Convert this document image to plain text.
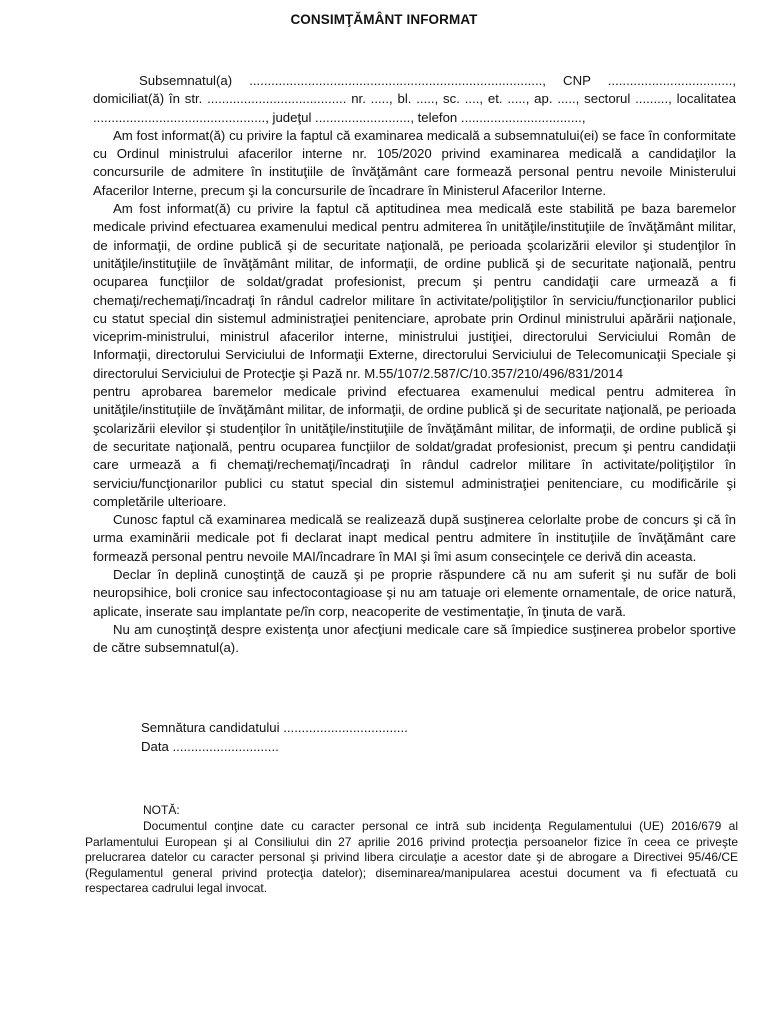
CONSIMŢĂMÂNT INFORMAT

Subsemnatul(a) ................................................................................, CNP .................................., domiciliat(ă) în str. ...................................... nr. ....., bl. ....., sc. ...., et. ....., ap. ....., sectorul ........., localitatea ..............................................., judeţul .........................., telefon .................................,

Am fost informat(ă) cu privire la faptul că examinarea medicală a subsemnatului(ei) se face în conformitate cu Ordinul ministrului afacerilor interne nr. 105/2020 privind examinarea medicală a candidaţilor la concursurile de admitere în instituţiile de învăţământ care formează personal pentru nevoile Ministerului Afacerilor Interne, precum şi la concursurile de încadrare în Ministerul Afacerilor Interne.

Am fost informat(ă) cu privire la faptul că aptitudinea mea medicală este stabilită pe baza baremelor medicale privind efectuarea examenului medical pentru admiterea în unităţile/instituţiile de învăţământ militar, de informaţii, de ordine publică şi de securitate naţională, pe perioada şcolarizării elevilor şi studenţilor în unităţile/instituţiile de învăţământ militar, de informaţii, de ordine publică şi de securitate naţională, pentru ocuparea funcţiilor de soldat/gradat profesionist, precum şi pentru candidaţii care urmează a fi chemaţi/rechemaţi/încadraţi în rândul cadrelor militare în activitate/poliţiştilor în serviciu/funcţionarilor publici cu statut special din sistemul administraţiei penitenciare, aprobate prin Ordinul ministrului apărării naţionale, viceprim-ministrului, ministrul afacerilor interne, ministrului justiţiei, directorului Serviciului Român de Informaţii, directorului Serviciului de Informaţii Externe, directorului Serviciului de Telecomunicaţii Speciale şi directorului Serviciului de Protecţie şi Pază nr. M.55/107/2.587/C/10.357/210/496/831/2014

pentru aprobarea baremelor medicale privind efectuarea examenului medical pentru admiterea în unităţile/instituţiile de învăţământ militar, de informaţii, de ordine publică şi de securitate naţională, pe perioada şcolarizării elevilor şi studenţilor în unităţile/instituţiile de învăţământ militar, de informaţii, de ordine publică şi de securitate naţională, pentru ocuparea funcţiilor de soldat/gradat profesionist, precum şi pentru candidaţii care urmează a fi chemaţi/rechemaţi/încadraţi în rândul cadrelor militare în activitate/poliţiştilor în serviciu/funcţionarilor publici cu statut special din sistemul administraţiei penitenciare, cu modificările şi completările ulterioare.

Cunosc faptul că examinarea medicală se realizează după susţinerea celorlalte probe de concurs şi că în urma examinării medicale pot fi declarat inapt medical pentru admitere în instituţiile de învăţământ care formează personal pentru nevoile MAI/încadrare în MAI şi îmi asum consecinţele ce derivă din aceasta.

Declar în deplină cunoştinţă de cauză şi pe proprie răspundere că nu am suferit şi nu sufăr de boli neuropsihice, boli cronice sau infectocontagioase şi nu am tatuaje ori elemente ornamentale, de orice natură, aplicate, inserate sau implantate pe/în corp, neacoperite de vestimentaţie, în ţinuta de vară.

Nu am cunoştinţă despre existenţa unor afecţiuni medicale care să împiedice susţinerea probelor sportive de către subsemnatul(a).

Semnătura candidatului ..................................
Data .............................
NOTĂ:

Documentul conţine date cu caracter personal ce intră sub incidenţa Regulamentului (UE) 2016/679 al Parlamentului European şi al Consiliului din 27 aprilie 2016 privind protecţia persoanelor fizice în ceea ce priveşte prelucrarea datelor cu caracter personal şi privind libera circulaţie a acestor date şi de abrogare a Directivei 95/46/CE (Regulamentul general privind protecţia datelor); diseminarea/manipularea acestui document va fi efectuată cu respectarea cadrului legal invocat.
